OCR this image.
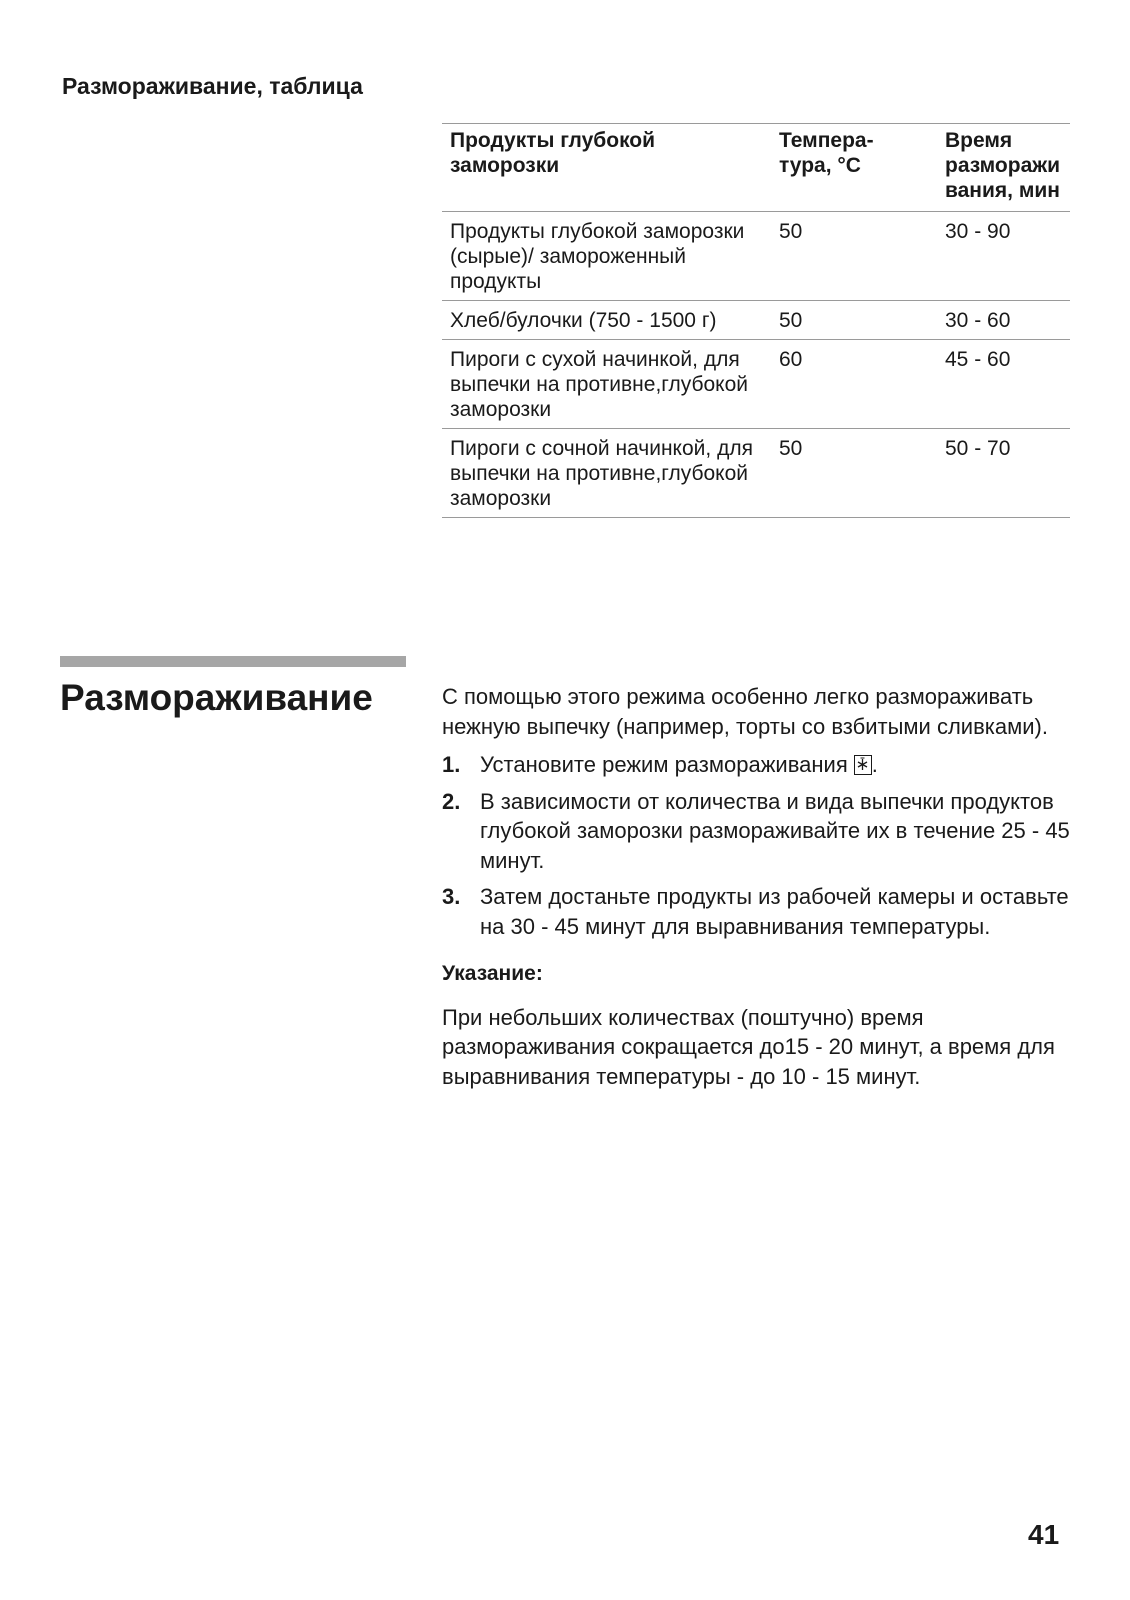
Размораживание, таблица
Продукты глубокой заморозки	Темпера- тура, °С	Время разморажи вания, мин
Продукты глубокой заморозки (сырые)/ замороженный продукты	50	30 - 90
Хлеб/булочки (750 - 1500 г)	50	30 - 60
Пироги с сухой начинкой, для выпечки на противне,глубокой заморозки	60	45 - 60
Пироги с сочной начинкой, для выпечки на противне,глубокой заморозки	50	50 - 70
Размораживание	С помощью этого режима особенно легко размораживать нежную выпечку (например, торты со взбитыми сливками).

1. Установите режим размораживания .
2. В зависимости от количества и вида выпечки продуктов глубокой заморозки размораживайте их в течение 25 - 45 минут.
3. Затем достаньте продукты из рабочей камеры и оставьте на 30 - 45 минут для выравнивания температуры.

Указание:

При небольших количествах (поштучно) время размораживания сокращается до15 - 20 минут, а время для выравнивания температуры - до 10 - 15 минут.

41
